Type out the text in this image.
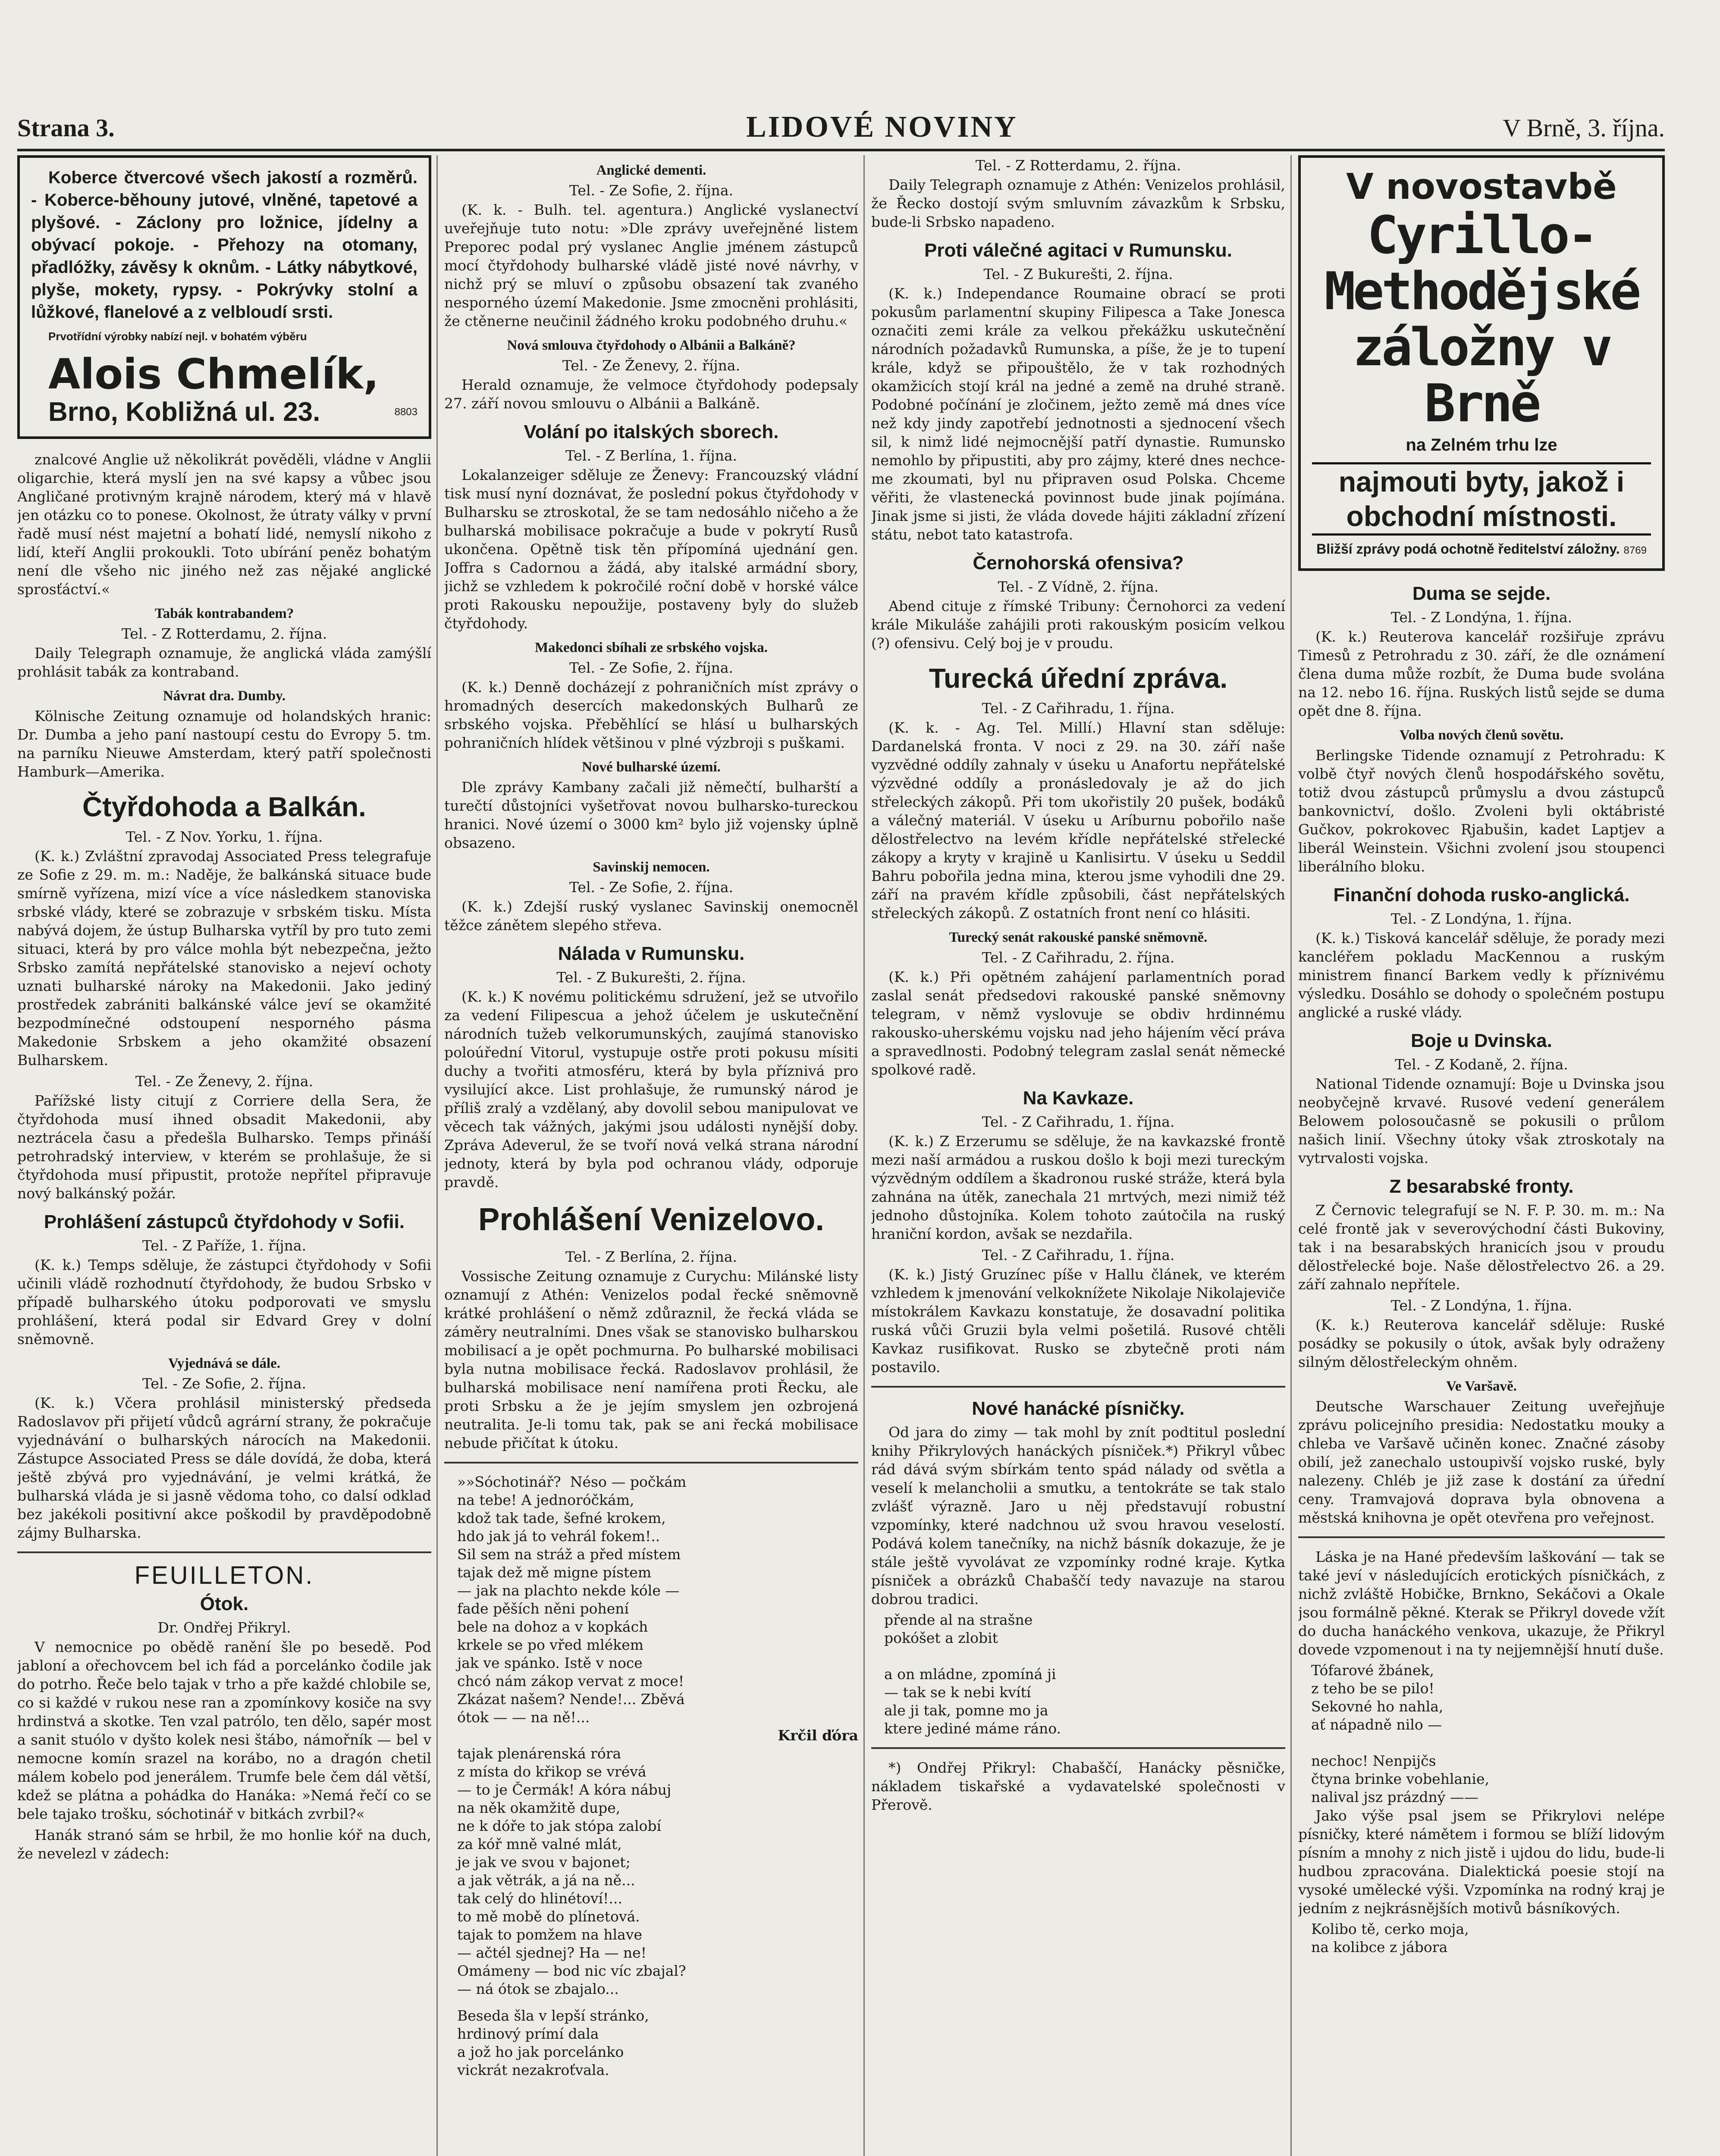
Strana 3.	LIDOVÉ NOVINY	V Brně, 3. října.

Koberce čtvercové všech jakostí a rozměrů. - Koberce-běhouny jutové, vlněné, tapetové a plyšové. - Záclony pro ložnice, jídelny a obývací pokoje. - Přehozy na otomany, přadlóžky, závěsy k oknům. - Látky nábytkové, plyše, mokety, rypsy. - Pokrývky stolní a lůžkové, flanelové a z velbloudí srsti.

Prvotřídní výrobky nabízí nejl. v bohatém výběru

Alois Chmelík,

Brno, Kobližná ul. 23.	8803

znalcové Anglie už několikrát pověděli, vládne v Anglii oligarchie, která myslí jen na své kapsy a vůbec jsou Angličané protivným krajně národem, který má v hlavě jen otázku co to ponese. Okolnost, že útraty války v první řadě musí nést majetní a bohatí lidé, nemyslí nikoho z lidí, kteří Anglii prokoukli. Toto ubírání peněz bohatým není dle všeho nic jiného než zas nějaké anglické sprosťáctví.«

Tabák kontrabandem?
Tel. - Z Rotterdamu, 2. října.

Daily Telegraph oznamuje, že anglická vláda zamýšlí prohlásit tabák za kontraband.

Návrat dra. Dumby.

Kölnische Zeitung oznamuje od holandských hranic: Dr. Dumba a jeho paní nastoupí cestu do Evropy 5. tm. na parníku Nieuwe Amsterdam, který patří společnosti Hamburk—Amerika.

Čtyřdohoda a Balkán.
Tel. - Z Nov. Yorku, 1. října.

(K. k.) Zvláštní zpravodaj Associated Press telegrafuje ze Sofie z 29. m. m.: Naděje, že balkánská situace bude smírně vyřízena, mizí více a více následkem stanoviska srbské vlády, které se zobrazuje v srbském tisku. Místa nabývá dojem, že ústup Bulharska vytříl by pro tuto zemi situaci, která by pro válce mohla být nebezpečna, ježto Srbsko zamítá nepřátelské stanovisko a nejeví ochoty uznati bulharské nároky na Makedonii. Jako jediný prostředek zabrániti balkánské válce jeví se okamžité bezpodmínečné odstoupení nesporného pásma Makedonie Srbskem a jeho okamžité obsazení Bulharskem.

Tel. - Ze Ženevy, 2. října.

Pařížské listy citují z Corriere della Sera, že čtyřdohoda musí ihned obsadit Makedonii, aby neztrácela času a předešla Bulharsko. Temps přináší petrohradský interview, v kterém se prohlašuje, že si čtyřdohoda musí připustit, protože nepřítel připravuje nový balkánský požár.

Prohlášení zástupců čtyřdohody v Sofii.
Tel. - Z Paříže, 1. října.

(K. k.) Temps sděluje, že zástupci čtyřdohody v Sofii učinili vládě rozhodnutí čtyřdohody, že budou Srbsko v případě bulharského útoku podporovati ve smyslu prohlášení, která podal sir Edvard Grey v dolní sněmovně.

Vyjednává se dále.
Tel. - Ze Sofie, 2. října.

(K. k.) Včera prohlásil ministerský předseda Radoslavov při přijetí vůdců agrární strany, že pokračuje vyjednávání o bulharských nárocích na Makedonii. Zástupce Associated Press se dále dovídá, že doba, která ještě zbývá pro vyjednávání, je velmi krátká, že bulharská vláda je si jasně vědoma toho, co dalsí odklad bez jakékoli positivní akce poškodil by pravděpodobně zájmy Bulharska.

FEUILLETON.
Ótok.
Dr. Ondřej Přikryl.

V nemocnice po obědě ranění šle po besedě. Pod jabloní a ořechovcem bel ich fád a porcelánko čodile jak do potrho. Řeče belo tajak v trho a pře každé chlobile se, co si každé v rukou nese ran a zpomínkovy kosiče na svy hrdinstvá a skotke. Ten vzal patrólo, ten dělo, sapér most a sanit stuólo v dyšto kolek nesi štábo, námořník — bel v nemocne komín srazel na korábo, no a dragón chetil málem kobelo pod jenerálem. Trumfe bele čem dál větší, kdež se plátna a pohádka do Hanáka: »Nemá řečí co se bele tajako trošku, sóchotinář v bitkách zvrbil?«

Hanák stranó sám se hrbil, že mo honlie kóř na duch, že nevelezl v zádech:

Anglické dementi.
Tel. - Ze Sofie, 2. října.

(K. k. - Bulh. tel. agentura.) Anglické vyslanectví uveřejňuje tuto notu: »Dle zprávy uveřejněné listem Preporec podal prý vyslanec Anglie jménem zástupců mocí čtyřdohody bulharské vládě jisté nové návrhy, v nichž prý se mluví o způsobu obsazení tak zvaného nesporného území Makedonie. Jsme zmocněni prohlásiti, že ctěnerne neučinil žádného kroku podobného druhu.«

Nová smlouva čtyřdohody o Albánii a Balkáně?
Tel. - Ze Ženevy, 2. října.

Herald oznamuje, že velmoce čtyřdohody podepsaly 27. září novou smlouvu o Albánii a Balkáně.

Volání po italských sborech.
Tel. - Z Berlína, 1. října.

Lokalanzeiger sděluje ze Ženevy: Francouzský vládní tisk musí nyní doznávat, že poslední pokus čtyřdohody v Bulharsku se ztroskotal, že se tam nedosáhlo ničeho a že bulharská mobilisace pokračuje a bude v pokrytí Rusů ukončena. Opětně tisk těn přípomíná ujednání gen. Joffra s Cadornou a žádá, aby italské armádní sbory, jichž se vzhledem k pokročilé roční době v horské válce proti Rakousku nepoužije, postaveny byly do služeb čtyřdohody.

Makedonci sbíhali ze srbského vojska.
Tel. - Ze Sofie, 2. října.

(K. k.) Denně docházejí z pohraničních míst zprávy o hromadných desercích makedonských Bulharů ze srbského vojska. Přeběhlící se hlásí u bulharských pohraničních hlídek většinou v plné výzbroji s puškami.

Nové bulharské území.

Dle zprávy Kambany začali již němečtí, bulharští a turečtí důstojníci vyšetřovat novou bulharsko-tureckou hranici. Nové území o 3000 km² bylo již vojensky úplně obsazeno.

Savinskij nemocen.
Tel. - Ze Sofie, 2. října.

(K. k.) Zdejší ruský vyslanec Savinskij onemocněl těžce zánětem slepého střeva.

Nálada v Rumunsku.
Tel. - Z Bukurešti, 2. října.

(K. k.) K novému politickému sdružení, jež se utvořilo za vedení Filipescua a jehož účelem je uskutečnění národních tužeb velkorumunských, zaujímá stanovisko poloúřední Vitorul, vystupuje ostře proti pokusu mísiti duchy a tvořiti atmosféru, která by byla příznivá pro vysilující akce. List prohlašuje, že rumunský národ je příliš zralý a vzdělaný, aby dovolil sebou manipulovat ve věcech tak vážných, jakými jsou události nynější doby. Zpráva Adeverul, že se tvoří nová velká strana národní jednoty, která by byla pod ochranou vlády, odporuje pravdě.

Prohlášení Venizelovo.
Tel. - Z Berlína, 2. října.

Vossische Zeitung oznamuje z Curychu: Milánské listy oznamují z Athén: Venizelos podal řecké sněmovně krátké prohlášení o němž zdůraznil, že řecká vláda se záměry neutralními. Dnes však se stanovisko bulharskou mobilisací a je opět pochmurna. Po bulharské mobilisaci byla nutna mobilisace řecká. Radoslavov prohlásil, že bulharská mobilisace není namířena proti Řecku, ale proti Srbsku a že je jejím smyslem jen ozbrojená neutralita. Je-li tomu tak, pak se ani řecká mobilisace nebude přičítat k útoku.

»»Sóchotinář?  Néso — počkám
na tebe! A jednoróčkám,
kdož tak tade, šefné krokem,
hdo jak já to vehrál fokem!..
Sil sem na stráž a před místem
tajak dež mě migne pístem
— jak na plachto nekde kóle —
fade pěších něni pohení
bele na dohoz a v kopkách
krkele se po vřed mlékem
jak ve spánko. Istě v noce
chcó nám zákop vervat z moce!
Zkázat našem? Nende!... Zběvá
ótok — — na ně!...
Krčil ďóra
tajak plenárenská róra
z místa do křikop se vrévá
— to je Čermák! A kóra nábuj
na něk okamžitě dupe,
ne k dóře to jak stópa zalobí
za kóř mně valné mlát,
je jak ve svou v bajonet;
a jak větrák, a já na ně...
tak celý do hlinétoví!...
to mě mobě do plínetová.
tajak to pomžem na hlave
— ačtél sjednej? Ha — ne!
Omámeny — bod nic víc zbajal?
— ná ótok se zbajalo...
Beseda šla v lepší stránko,
hrdinový prímí dala
a jož ho jak porcelánko
vickrát nezakroťvala.
Tel. - Z Rotterdamu, 2. října.

Daily Telegraph oznamuje z Athén: Venizelos prohlásil, že Řecko dostojí svým smluvním závazkům k Srbsku, bude-li Srbsko napadeno.

Proti válečné agitaci v Rumunsku.
Tel. - Z Bukurešti, 2. října.

(K. k.) Independance Roumaine obrací se proti pokusům parlamentní skupiny Filipesca a Take Jonesca označiti zemi krále za velkou překážku uskutečnění národních požadavků Rumunska, a píše, že je to tupení krále, když se připouštělo, že v tak rozhodných okamžicích stojí král na jedné a země na druhé straně. Podobné počínání je zločinem, ježto země má dnes více než kdy jindy zapotřebí jednotnosti a sjednocení všech sil, k nimž lidé nejmocnější patří dynastie. Rumunsko nemohlo by připustiti, aby pro zájmy, které dnes nechce-me zkoumati, byl nu připraven osud Polska. Chceme věřiti, že vlastenecká povinnost bude jinak pojímána. Jinak jsme si jisti, že vláda dovede hájiti základní zřízení státu, nebot tato katastrofa.

Černohorská ofensiva?
Tel. - Z Vídně, 2. října.

Abend cituje z římské Tribuny: Černohorci za vedení krále Mikuláše zahájili proti rakouským posicím velkou (?) ofensivu. Celý boj je v proudu.

Turecká úřední zpráva.
Tel. - Z Cařihradu, 1. října.

(K. k. - Ag. Tel. Millí.) Hlavní stan sděluje: Dardanelská fronta. V noci z 29. na 30. září naše vyzvědné oddíly zahnaly v úseku u Anafortu nepřátelské výzvědné oddíly a pronásledovaly je až do jich střeleckých zákopů. Při tom ukořistily 20 pušek, bodáků a válečný materiál. V úseku u Aríburnu pobořilo naše dělostřelectvo na levém křídle nepřátelské střelecké zákopy a kryty v krajině u Kanlisirtu. V úseku u Seddil Bahru pobořila jedna mina, kterou jsme vyhodili dne 29. září na pravém křídle způsobili, část nepřátelských střeleckých zákopů. Z ostatních front není co hlásiti.

Turecký senát rakouské panské sněmovně.
Tel. - Z Cařihradu, 2. října.

(K. k.) Při opětném zahájení parlamentních porad zaslal senát předsedovi rakouské panské sněmovny telegram, v němž vyslovuje se obdiv hrdinnému rakousko-uherskému vojsku nad jeho hájením věcí práva a spravedlnosti. Podobný telegram zaslal senát německé spolkové radě.

Na Kavkaze.
Tel. - Z Cařihradu, 1. října.

(K. k.) Z Erzerumu se sděluje, že na kavkazské frontě mezi naší armádou a ruskou došlo k boji mezi tureckým výzvědným oddílem a škadronou ruské stráže, která byla zahnána na útěk, zanechala 21 mrtvých, mezi nimiž též jednoho důstojníka. Kolem tohoto zaútočila na ruský hraniční kordon, avšak se nezdařila.

Tel. - Z Cařihradu, 1. října.

(K. k.) Jistý Gruzínec píše v Hallu článek, ve kterém vzhledem k jmenování velkoknížete Nikolaje Nikolajeviče místokrálem Kavkazu konstatuje, že dosavadní politika ruská vůči Gruzii byla velmi pošetilá. Rusové chtěli Kavkaz rusifikovat. Rusko se zbytečně proti nám postavilo.

Nové hanácké písničky.

Od jara do zimy — tak mohl by znít podtitul poslední knihy Přikrylových hanáckých písniček.*) Přikryl vůbec rád dává svým sbírkám tento spád nálady od světla a veselí k melancholii a smutku, a tentokráte se tak stalo zvlášť výrazně. Jaro u něj představují robustní vzpomínky, které nadchnou už svou hravou veselostí. Podává kolem tanečníky, na nichž básník dokazuje, že je stále ještě vyvolávat ze vzpomínky rodné kraje. Kytka písniček a obrázků Chabaščí tedy navazuje na starou dobrou tradici.

přende al na strašne
pokóšet a zlobit

a on mládne, zpomíná ji
— tak se k nebi kvítí
ale ji tak, pomne mo ja
ktere jediné máme ráno.

*) Ondřej Přikryl: Chabaščí, Hanácky pěsničke, nákladem tiskařské a vydavatelské společnosti v Přerově.

V novostavbě
Cyrillo-Methodějské záložny v Brně
na Zelném trhu lze
najmouti byty, jakož i obchodní místnosti.
Bližší zprávy podá ochotně ředitelství záložny. 8769
Duma se sejde.
Tel. - Z Londýna, 1. října.

(K. k.) Reuterova kancelář rozšiřuje zprávu Timesů z Petrohradu z 30. září, že dle oznámení člena duma může rozbít, že Duma bude svolána na 12. nebo 16. října. Ruských listů sejde se duma opět dne 8. října.

Volba nových členů sovětu.

Berlingske Tidende oznamují z Petrohradu: K volbě čtyř nových členů hospodářského sovětu, totiž dvou zástupců průmyslu a dvou zástupců bankovnictví, došlo. Zvoleni byli oktábristé Gučkov, pokrokovec Rjabušin, kadet Laptjev a liberál Weinstein. Všichni zvolení jsou stoupenci liberálního bloku.

Finanční dohoda rusko-anglická.
Tel. - Z Londýna, 1. října.

(K. k.) Tisková kancelář sděluje, že porady mezi kancléřem pokladu MacKennou a ruským ministrem financí Barkem vedly k příznivému výsledku. Dosáhlo se dohody o společném postupu anglické a ruské vlády.

Boje u Dvinska.
Tel. - Z Kodaně, 2. října.

National Tidende oznamují: Boje u Dvinska jsou neobyčejně krvavé. Rusové vedení generálem Belowem polosoučasně se pokusili o průlom našich linií. Všechny útoky však ztroskotaly na vytrvalosti vojska.

Z besarabské fronty.

Z Černovic telegrafují se N. F. P. 30. m. m.: Na celé frontě jak v severovýchodní části Bukoviny, tak i na besarabských hranicích jsou v proudu dělostřelecké boje. Naše dělostřelectvo 26. a 29. září zahnalo nepřítele.

Tel. - Z Londýna, 1. října.

(K. k.) Reuterova kancelář sděluje: Ruské posádky se pokusily o útok, avšak byly odraženy silným dělostřeleckým ohněm.

Ve Varšavě.

Deutsche Warschauer Zeitung uveřejňuje zprávu policejního presidia: Nedostatku mouky a chleba ve Varšavě učiněn konec. Značné zásoby obilí, jež zanechalo ustoupivší vojsko ruské, byly nalezeny. Chléb je již zase k dostání za úřední ceny. Tramvajová doprava byla obnovena a městská knihovna je opět otevřena pro veřejnost.

Láska je na Hané především laškování — tak se také jeví v následujících erotických písničkách, z nichž zvláště Hobičke, Brnkno, Sekáčovi a Okale jsou formálně pěkné. Kterak se Přikryl dovede vžít do ducha hanáckého venkova, ukazuje, že Přikryl dovede vzpomenout i na ty nejjemnější hnutí duše.

Tófarové žbánek,
z teho be se pilo!
Sekovné ho nahla,
ať nápadně nilo —

nechoc! Nenpijčs
čtyna brinke vobehlanie,
nalival jsz prázdný ——

Jako výše psal jsem se Přikrylovi nelépe písničky, které námětem i formou se blíží lidovým písním a mnohy z nich jistě i ujdou do lidu, bude-li hudbou zpracována. Dialektická poesie stojí na vysoké umělecké výši. Vzpomínka na rodný kraj je jedním z nejkrásnějších motivů básníkových.

Kolibo tě, cerko moja,
na kolibce z jábora
